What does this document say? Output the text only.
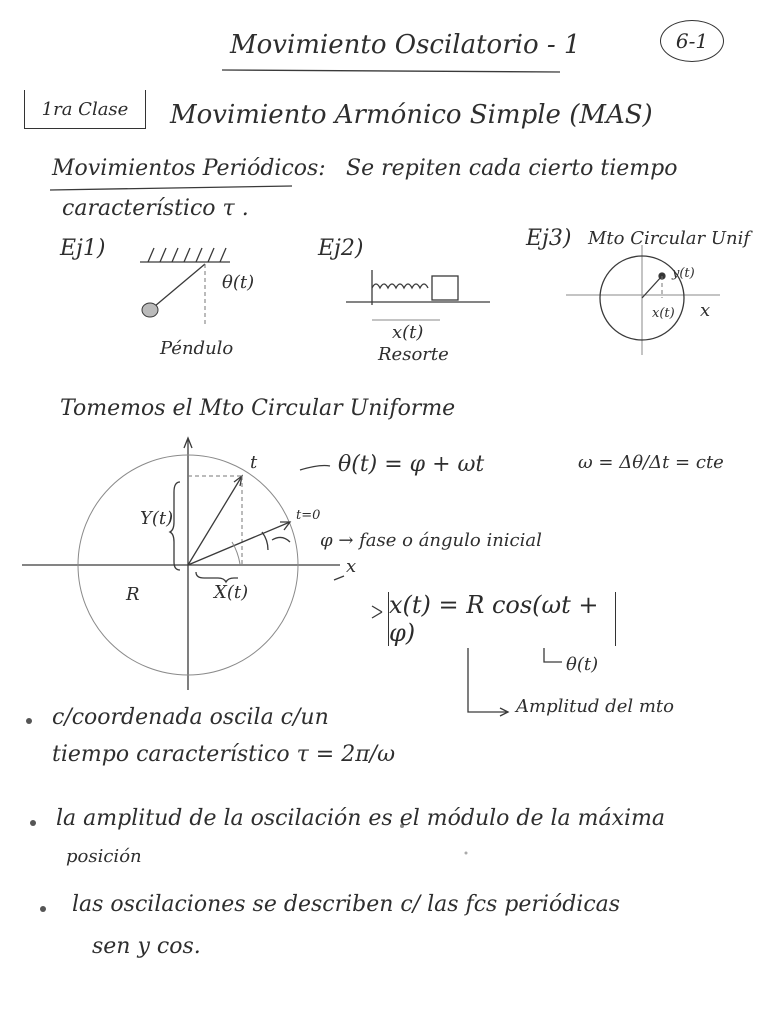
Movimiento Oscilatorio - 1	6-1
1ra Clase	Movimiento Armónico Simple (MAS)
Movimientos Periódicos: Se repiten cada cierto tiempo
característico τ .
Ej1)
θ(t)
Péndulo
Ej2)
x(t)
Resorte
Ej3) Mto Circular Unif
y(t)
x(t) x
Tomemos el Mto Circular Uniforme
t
t=0
Y(t)
X(t)
R
x
θ(t) = φ + ωt	ω = Δθ/Δt = cte
φ → fase o ángulo inicial
x(t) = R cos(ωt + φ)
θ(t)
Amplitud del mto
c/coordenada oscila c/un
tiempo característico τ = 2π/ω
la amplitud de la oscilación es el módulo de la máxima
posición
las oscilaciones se describen c/ las fcs periódicas
sen y cos.
